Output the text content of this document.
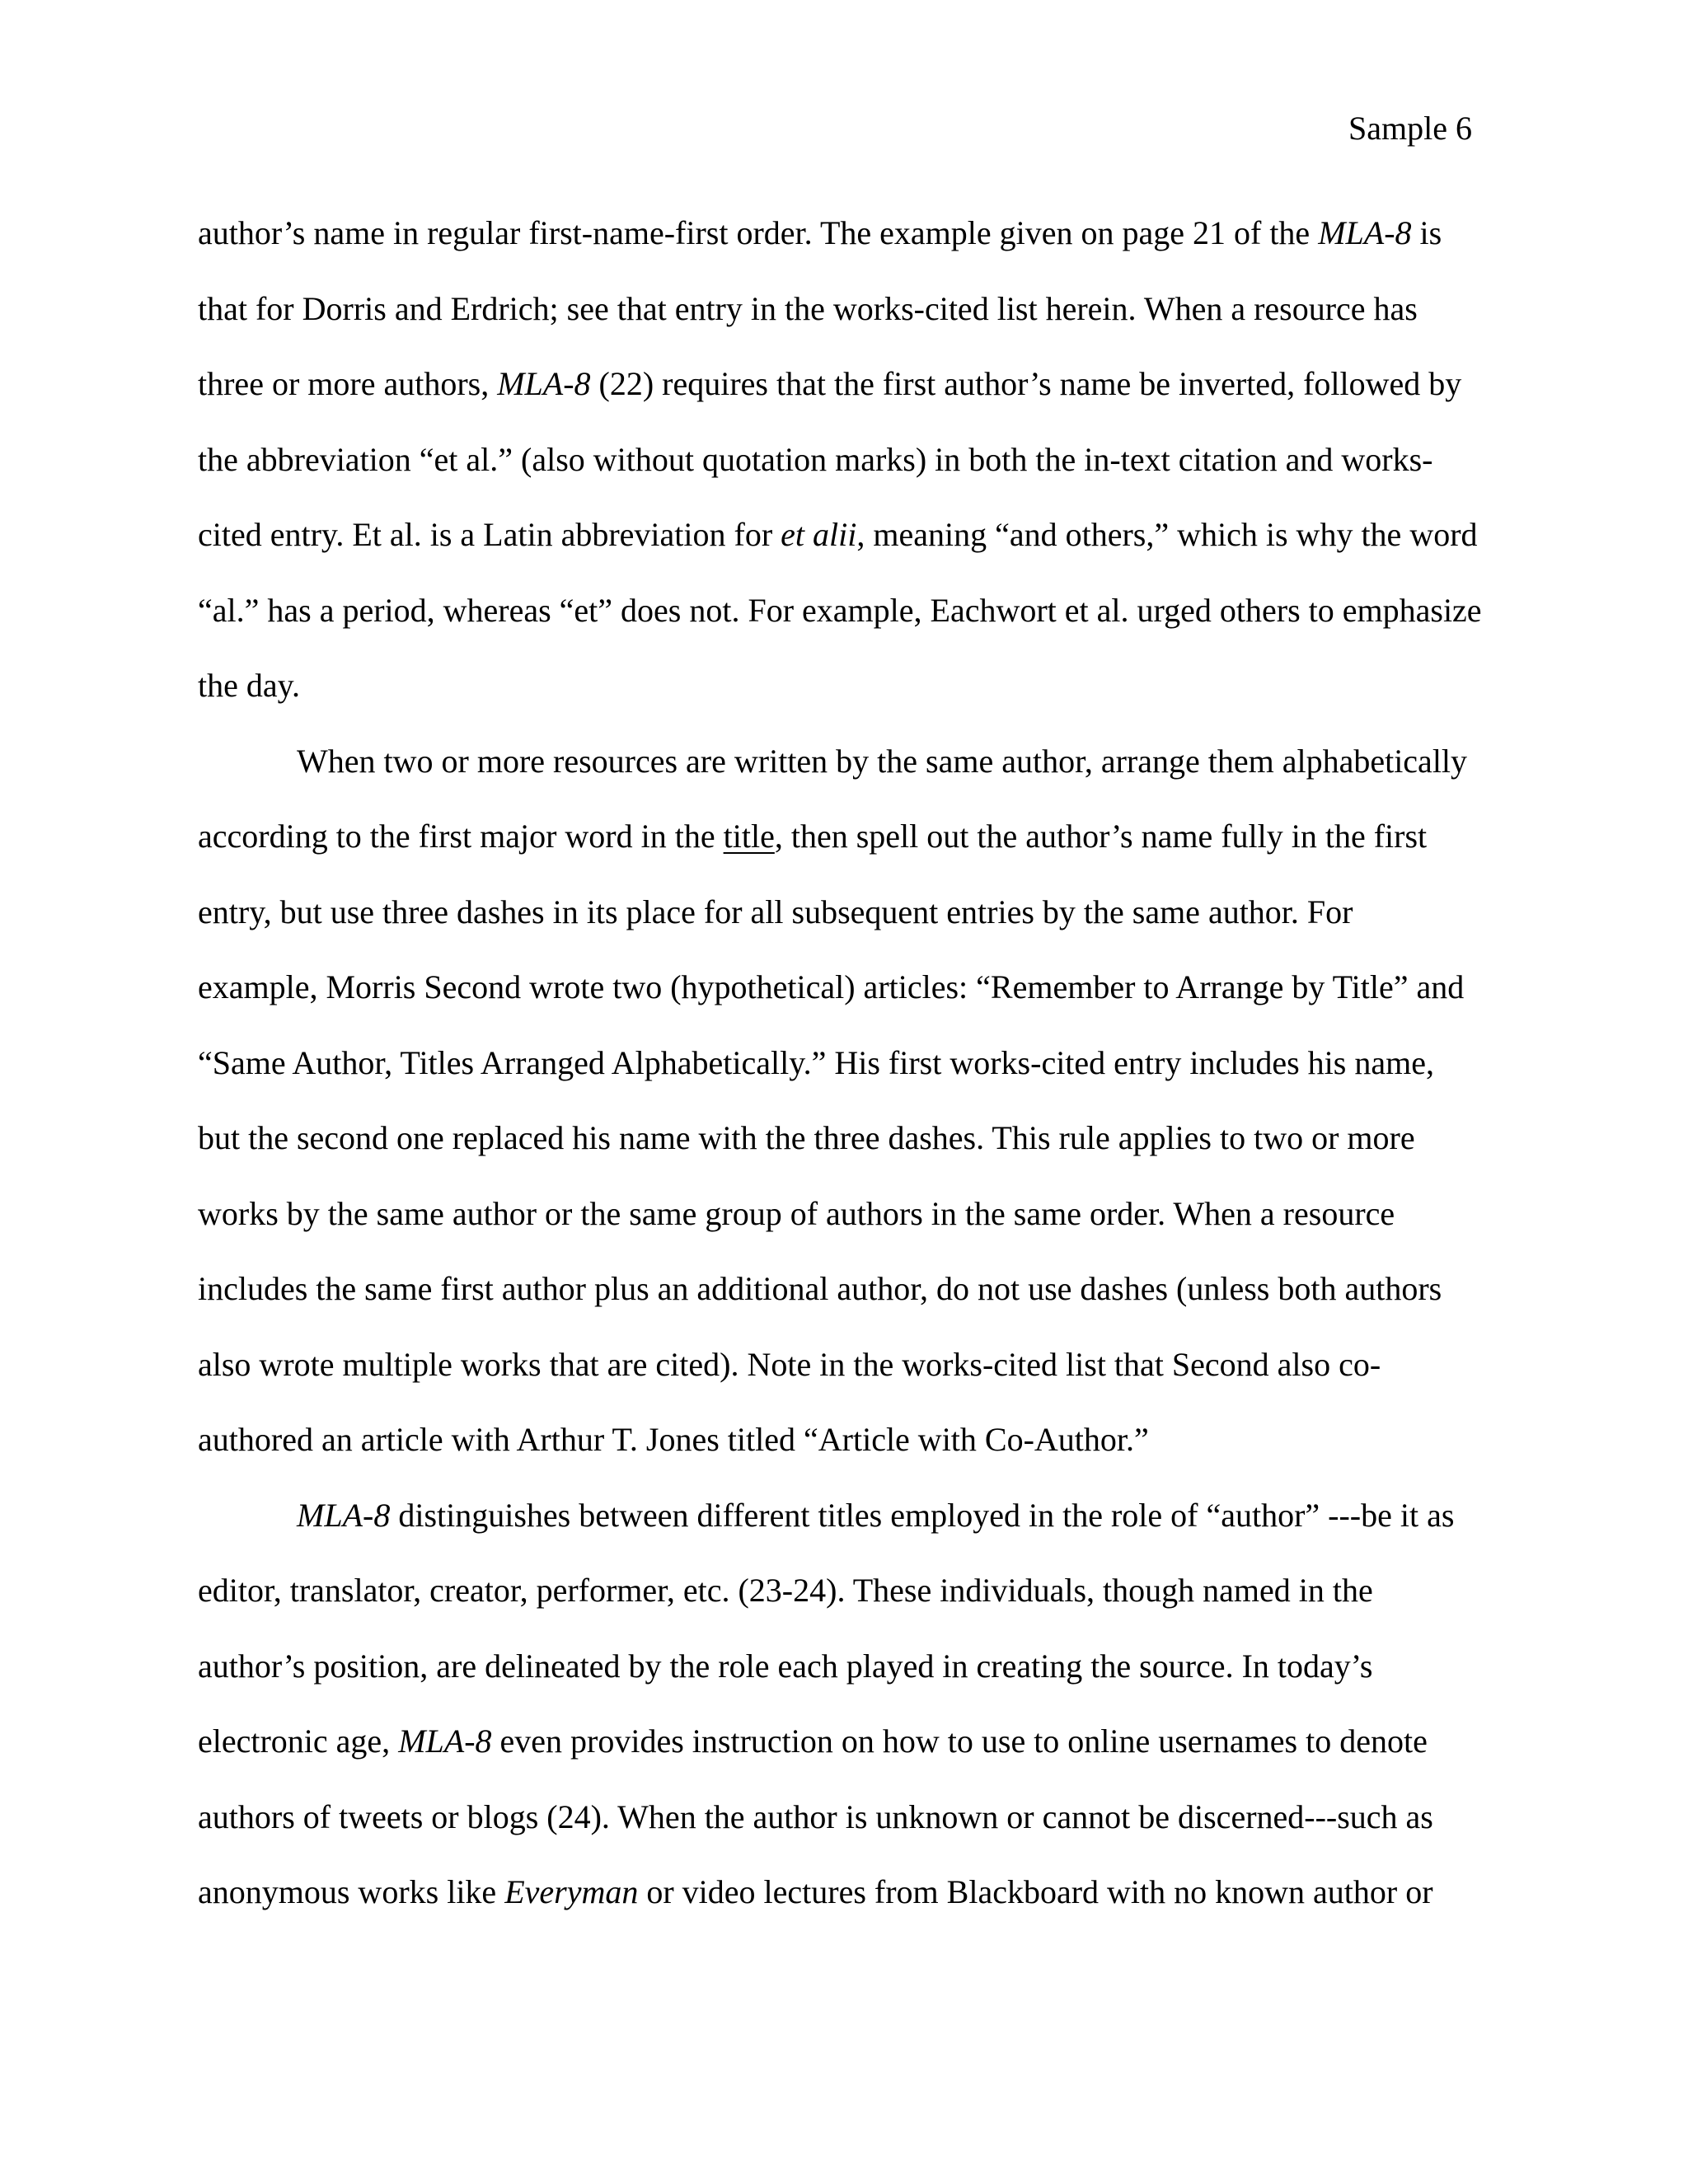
Sample 6
author’s name in regular first-name-first order. The example given on page 21 of the MLA-8 is
that for Dorris and Erdrich; see that entry in the works-cited list herein. When a resource has
three or more authors, MLA-8 (22) requires that the first author’s name be inverted, followed by
the abbreviation “et al.” (also without quotation marks) in both the in-text citation and works-
cited entry. Et al. is a Latin abbreviation for et alii, meaning “and others,” which is why the word
“al.” has a period, whereas “et” does not. For example, Eachwort et al. urged others to emphasize
the day.
When two or more resources are written by the same author, arrange them alphabetically
according to the first major word in the title, then spell out the author’s name fully in the first
entry, but use three dashes in its place for all subsequent entries by the same author. For
example, Morris Second wrote two (hypothetical) articles: “Remember to Arrange by Title” and
“Same Author, Titles Arranged Alphabetically.” His first works-cited entry includes his name,
but the second one replaced his name with the three dashes. This rule applies to two or more
works by the same author or the same group of authors in the same order. When a resource
includes the same first author plus an additional author, do not use dashes (unless both authors
also wrote multiple works that are cited). Note in the works-cited list that Second also co-
authored an article with Arthur T. Jones titled “Article with Co-Author.”
MLA-8 distinguishes between different titles employed in the role of “author” ---be it as
editor, translator, creator, performer, etc. (23-24). These individuals, though named in the
author’s position, are delineated by the role each played in creating the source. In today’s
electronic age, MLA-8 even provides instruction on how to use to online usernames to denote
authors of tweets or blogs (24). When the author is unknown or cannot be discerned---such as
anonymous works like Everyman or video lectures from Blackboard with no known author or
